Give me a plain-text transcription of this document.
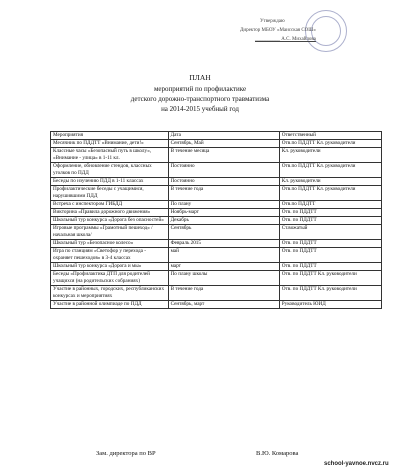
Утверждаю
Директор МБОУ «Маисская СОШ»
__________ А.С. Михайлова
ПЛАН
мероприятий по профилактике
детского дорожно-транспортного травматизма
на 2014-2015 учебный год
Мероприятия	Дата	Ответственный
Месячник по ПДДТТ «Внимание, дети!»	Сентябрь, Май	Отв.по ПДДТТ Кл. руководители
Классные часы «Безопасный путь в школу», «Внимание - улица» в 1-11 кл.	В течение месяца	Кл. руководители
Оформление, обновление стендов, классных уголков по ПДД	Постоянно	Отв.по ПДДТТ Кл. руководители
Беседы по изучению ПДД в 1-11 классах	Постоянно	Кл. руководители
Профилактические беседы с учащимися, нарушившими ПДД	В течение года	Отв.по ПДДТТ Кл. руководители
Встреча с инспектором ГИБДД	По плану	Отв.по ПДДТТ
Викторина «Правила дорожного движения»	Ноябрь-март	Отв. по ПДДТТ
Школьный тур конкурса «Дорога без опасностей»	Декабрь	Отв. по ПДДТТ
Игровые программы «Грамотный пешеход» /начальная школа/	Сентябрь	Ст.вожатый
Школьный тур «Безопасное колесо»	Февраль 2015	Отв. по ПДДТТ
Игра по станциям «Светофор у перехода - охраняет пешеходов» в 3-4 классах	май	Отв. по ПДДТТ
Школьный тур конкурса «Дорога и мы»	март	Отв. по ПДДТТ
Беседы «Профилактика ДТП для родителей учащихся (на родительских собраниях)	По плану школы	Отв. по ПДДТТ Кл. руководители
Участие в районных, городских, республиканских конкурсах и мероприятиях	В течение года	Отв. по ПДДТТ Кл. руководители
Участие в районной олимпиаде по ПДД	Сентябрь, март	Руководитель ЮИД
Зам. директора по ВР	В.Ю. Комарова
school-yavnoe.nvcz.ru
